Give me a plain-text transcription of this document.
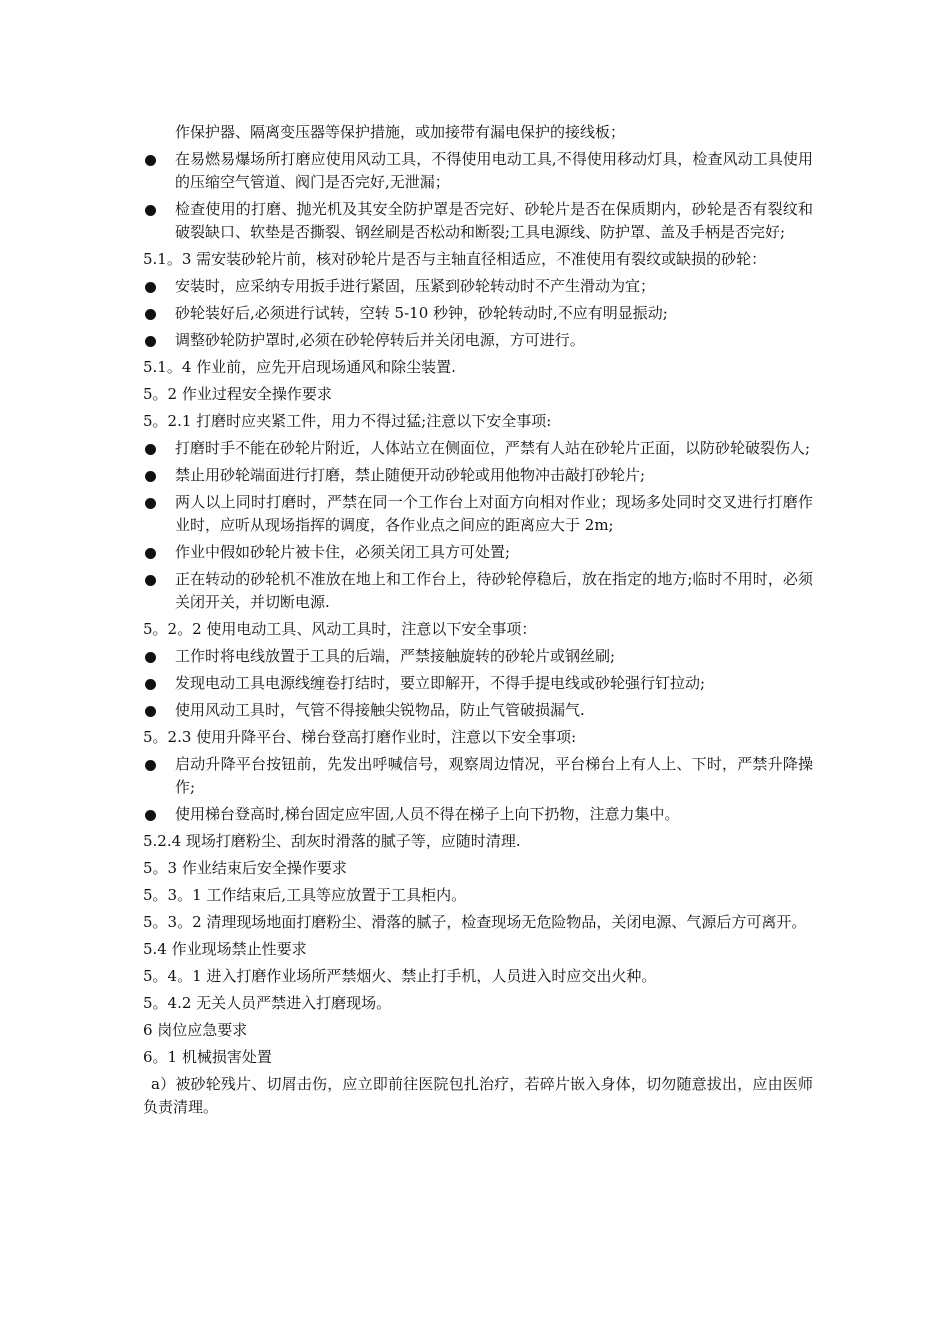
作保护器、隔离变压器等保护措施，或加接带有漏电保护的接线板；
在易燃易爆场所打磨应使用风动工具，不得使用电动工具,不得使用移动灯具，检查风动工具使用的压缩空气管道、阀门是否完好,无泄漏；
检查使用的打磨、抛光机及其安全防护罩是否完好、砂轮片是否在保质期内，砂轮是否有裂纹和破裂缺口、软垫是否撕裂、钢丝刷是否松动和断裂;工具电源线、防护罩、盖及手柄是否完好;
5.1。3 需安装砂轮片前，核对砂轮片是否与主轴直径相适应，不准使用有裂纹或缺损的砂轮：
安装时，应采纳专用扳手进行紧固，压紧到砂轮转动时不产生滑动为宜；
砂轮装好后,必须进行试转，空转 5-10 秒钟，砂轮转动时,不应有明显振动;
调整砂轮防护罩时,必须在砂轮停转后并关闭电源，方可进行。
5.1。4 作业前，应先开启现场通风和除尘装置.
5。2 作业过程安全操作要求
5。2.1 打磨时应夹紧工件，用力不得过猛;注意以下安全事项:
打磨时手不能在砂轮片附近，人体站立在侧面位，严禁有人站在砂轮片正面，以防砂轮破裂伤人;
禁止用砂轮端面进行打磨，禁止随便开动砂轮或用他物冲击敲打砂轮片;
两人以上同时打磨时，严禁在同一个工作台上对面方向相对作业；现场多处同时交叉进行打磨作业时，应听从现场指挥的调度，各作业点之间应的距离应大于 2m;
作业中假如砂轮片被卡住，必须关闭工具方可处置;
正在转动的砂轮机不准放在地上和工作台上，待砂轮停稳后，放在指定的地方;临时不用时，必须关闭开关，并切断电源.
5。2。2 使用电动工具、风动工具时，注意以下安全事项：
工作时将电线放置于工具的后端，严禁接触旋转的砂轮片或钢丝刷;
发现电动工具电源线缠卷打结时，要立即解开，不得手提电线或砂轮强行钉拉动;
使用风动工具时，气管不得接触尖锐物品，防止气管破损漏气.
5。2.3 使用升降平台、梯台登高打磨作业时，注意以下安全事项:
启动升降平台按钮前，先发出呼喊信号，观察周边情况，平台梯台上有人上、下时，严禁升降操作;
使用梯台登高时,梯台固定应牢固,人员不得在梯子上向下扔物，注意力集中。
5.2.4 现场打磨粉尘、刮灰时滑落的腻子等，应随时清理.
5。3 作业结束后安全操作要求
5。3。1 工作结束后,工具等应放置于工具柜内。
5。3。2 清理现场地面打磨粉尘、滑落的腻子，检查现场无危险物品，关闭电源、气源后方可离开。
5.4 作业现场禁止性要求
5。4。1 进入打磨作业场所严禁烟火、禁止打手机，人员进入时应交出火种。
5。4.2 无关人员严禁进入打磨现场。
6 岗位应急要求
6。1 机械损害处置
a）被砂轮残片、切屑击伤，应立即前往医院包扎治疗，若碎片嵌入身体，切勿随意拔出，应由医师负责清理。
